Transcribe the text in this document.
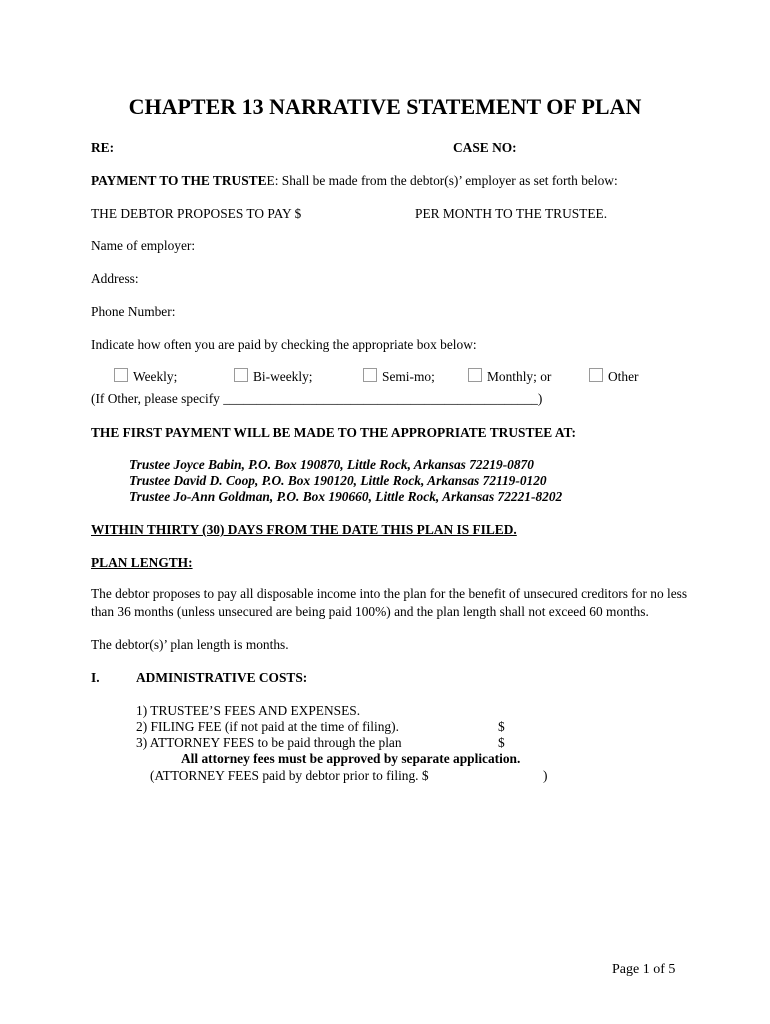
CHAPTER 13 NARRATIVE STATEMENT OF PLAN
RE:	CASE NO:
PAYMENT TO THE TRUSTEE: Shall be made from the debtor(s)’ employer as set forth below:
THE DEBTOR PROPOSES TO PAY $	PER MONTH TO THE TRUSTEE.
Name of employer:
Address:
Phone Number:
Indicate how often you are paid by checking the appropriate box below:
Weekly;	Bi-weekly;	Semi-mo;	Monthly; or	Other
(If Other, please specify _______________________________________________)
THE FIRST PAYMENT WILL BE MADE TO THE APPROPRIATE TRUSTEE AT:
Trustee Joyce Babin, P.O. Box 190870, Little Rock, Arkansas 72219-0870
Trustee David D. Coop, P.O. Box 190120, Little Rock, Arkansas 72119-0120
Trustee Jo-Ann Goldman, P.O. Box 190660, Little Rock, Arkansas 72221-8202
WITHIN THIRTY (30) DAYS FROM THE DATE THIS PLAN IS FILED.
PLAN LENGTH:
The debtor proposes to pay all disposable income into the plan for the benefit of unsecured creditors for no less than 36 months (unless unsecured are being paid 100%) and the plan length shall not exceed 60 months.
The debtor(s)’ plan length is months.
I.	ADMINISTRATIVE COSTS:
1) TRUSTEE’S FEES AND EXPENSES.
2) FILING FEE (if not paid at the time of filing).	$
3) ATTORNEY FEES to be paid through the plan	$
All attorney fees must be approved by separate application.
(ATTORNEY FEES paid by debtor prior to filing. $	)
Page 1 of 5
